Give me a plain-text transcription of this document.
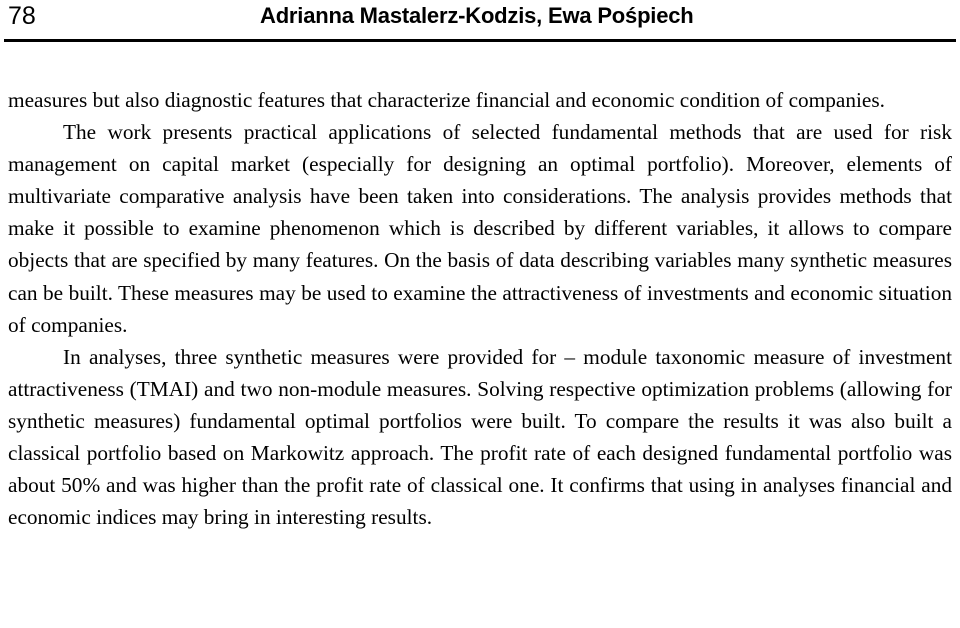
78	Adrianna Mastalerz-Kodzis, Ewa Pośpiech

measures but also diagnostic features that characterize financial and economic condition of companies.

The work presents practical applications of selected fundamental methods that are used for risk management on capital market (especially for designing an optimal portfolio). Moreover, elements of multivariate comparative analysis have been taken into considerations. The analysis provides methods that make it possible to examine phenomenon which is described by different variables, it allows to compare objects that are specified by many features. On the basis of data describing variables many synthetic measures can be built. These measures may be used to examine the attractiveness of investments and economic situation of companies.

In analyses, three synthetic measures were provided for – module taxonomic measure of investment attractiveness (TMAI) and two non-module measures. Solving respective optimization problems (allowing for synthetic measures) fundamental optimal portfolios were built. To compare the results it was also built a classical portfolio based on Markowitz approach. The profit rate of each designed fundamental portfolio was about 50% and was higher than the profit rate of classical one. It confirms that using in analyses financial and economic indices may bring in interesting results.
